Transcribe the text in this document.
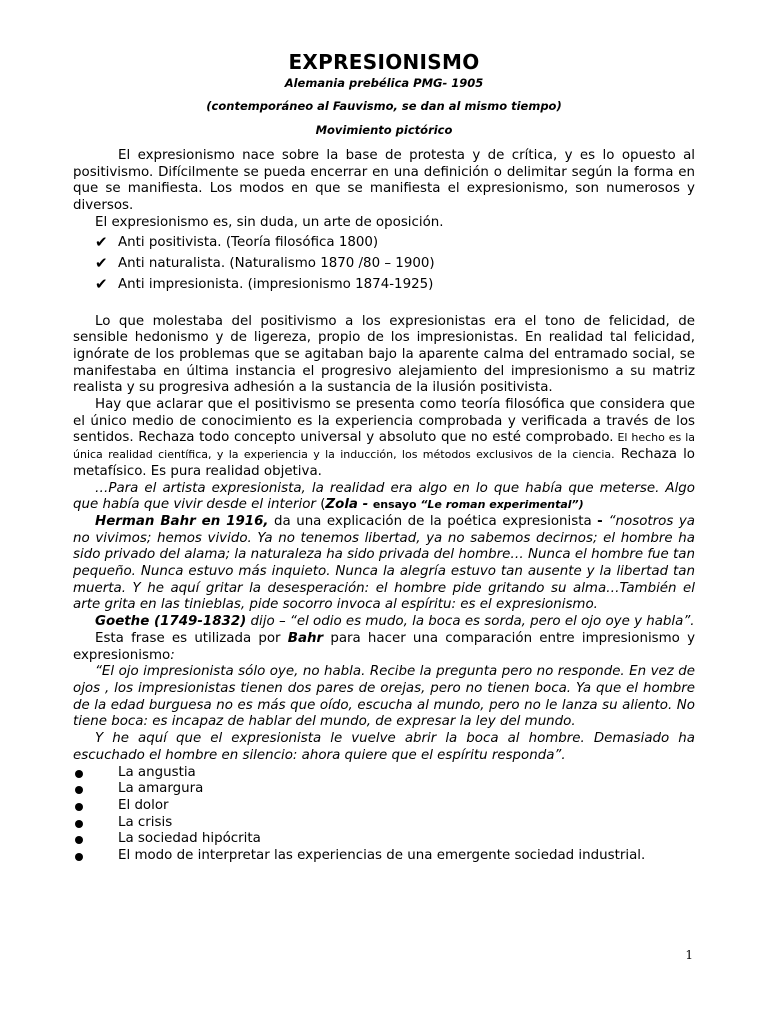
EXPRESIONISMO

Alemania prebélica PMG- 1905

(contemporáneo al Fauvismo, se dan al mismo tiempo)

Movimiento pictórico

El expresionismo nace sobre la base de protesta y de crítica, y es lo opuesto al positivismo. Difícilmente se pueda encerrar en una definición o delimitar según la forma en que se manifiesta. Los modos en que se manifiesta el expresionismo, son numerosos y diversos.

El expresionismo es, sin duda, un arte de oposición.

✔ Anti positivista. (Teoría filosófica 1800)
✔ Anti naturalista. (Naturalismo 1870 /80 – 1900)
✔ Anti impresionista. (impresionismo 1874-1925)

Lo que molestaba del positivismo a los expresionistas era el tono de felicidad, de sensible hedonismo y de ligereza, propio de los impresionistas. En realidad tal felicidad, ignórate de los problemas que se agitaban bajo la aparente calma del entramado social, se manifestaba en última instancia el progresivo alejamiento del impresionismo a su matriz realista y su progresiva adhesión a la sustancia de la ilusión positivista.

Hay que aclarar que el positivismo se presenta como teoría filosófica que considera que el único medio de conocimiento es la experiencia comprobada y verificada a través de los sentidos. Rechaza todo concepto universal y absoluto que no esté comprobado. El hecho es la única realidad científica, y la experiencia y la inducción, los métodos exclusivos de la ciencia. Rechaza lo metafísico. Es pura realidad objetiva.

…Para el artista expresionista, la realidad era algo en lo que había que meterse. Algo que había que vivir desde el interior (Zola - ensayo “Le roman experimental”)

Herman Bahr en 1916, da una explicación de la poética expresionista - “nosotros ya no vivimos; hemos vivido. Ya no tenemos libertad, ya no sabemos decirnos; el hombre ha sido privado del alama; la naturaleza ha sido privada del hombre… Nunca el hombre fue tan pequeño. Nunca estuvo más inquieto. Nunca la alegría estuvo tan ausente y la libertad tan muerta. Y he aquí gritar la desesperación: el hombre pide gritando su alma…También el arte grita en las tinieblas, pide socorro invoca al espíritu: es el expresionismo.

Goethe (1749-1832) dijo – “el odio es mudo, la boca es sorda, pero el ojo oye y habla”.

Esta frase es utilizada por Bahr para hacer una comparación entre impresionismo y expresionismo:

“El ojo impresionista sólo oye, no habla. Recibe la pregunta pero no responde. En vez de ojos , los impresionistas tienen dos pares de orejas, pero no tienen boca. Ya que el hombre de la edad burguesa no es más que oído, escucha al mundo, pero no le lanza su aliento. No tiene boca: es incapaz de hablar del mundo, de expresar la ley del mundo.

Y he aquí que el expresionista le vuelve abrir la boca al hombre. Demasiado ha escuchado el hombre en silencio: ahora quiere que el espíritu responda”.

La angustia
La amargura
El dolor
La crisis
La sociedad hipócrita
El modo de interpretar las experiencias de una emergente sociedad industrial.
1
